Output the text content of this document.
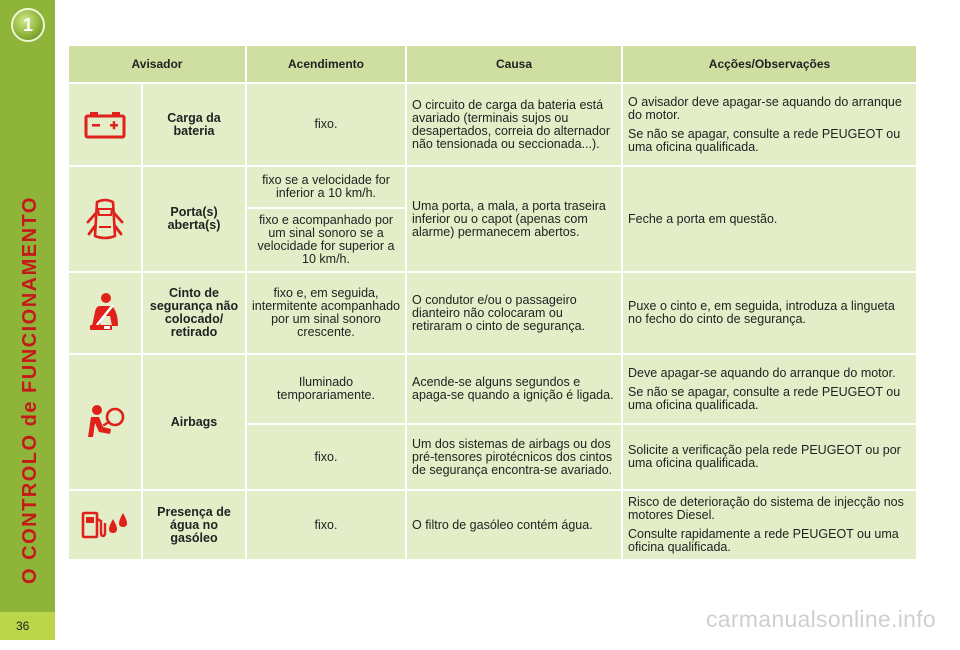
1
O CONTROLO de FUNCIONAMENTO
36
Avisador		Acendimento	Causa	Acções/Observações
	Carga da bateria	fixo.	O circuito de carga da bateria está avariado (terminais sujos ou desapertados, correia do alternador não tensionada ou seccionada...).	O avisador deve apagar-se aquando do arranque do motor.

Se não se apagar, consulte a rede PEUGEOT ou uma oficina qualificada.

	Porta(s) aberta(s)	fixo se a velocidade for inferior a 10 km/h.	Uma porta, a mala, a porta traseira inferior ou o capot (apenas com alarme) permanecem abertos.	Feche a porta em questão.

		fixo e acompanhado por um sinal sonoro se a velocidade for superior a 10 km/h.		
	Cinto de segurança não colocado/ retirado	fixo e, em seguida, intermitente acompanhado por um sinal sonoro crescente.	O condutor e/ou o passageiro dianteiro não colocaram ou retiraram o cinto de segurança.	Puxe o cinto e, em seguida, introduza a lingueta no fecho do cinto de segurança.

	Airbags	Iluminado temporariamente.	Acende-se alguns segundos e apaga-se quando a ignição é ligada.	Deve apagar-se aquando do arranque do motor.

Se não se apagar, consulte a rede PEUGEOT ou uma oficina qualificada.

		fixo.	Um dos sistemas de airbags ou dos pré-tensores pirotécnicos dos cintos de segurança encontra-se avariado.	Solicite a verificação pela rede PEUGEOT ou por uma oficina qualificada.

	Presença de água no gasóleo	fixo.	O filtro de gasóleo contém água.	Risco de deterioração do sistema de injecção nos motores Diesel.

Consulte rapidamente a rede PEUGEOT ou uma oficina qualificada.

carmanualsonline.info
